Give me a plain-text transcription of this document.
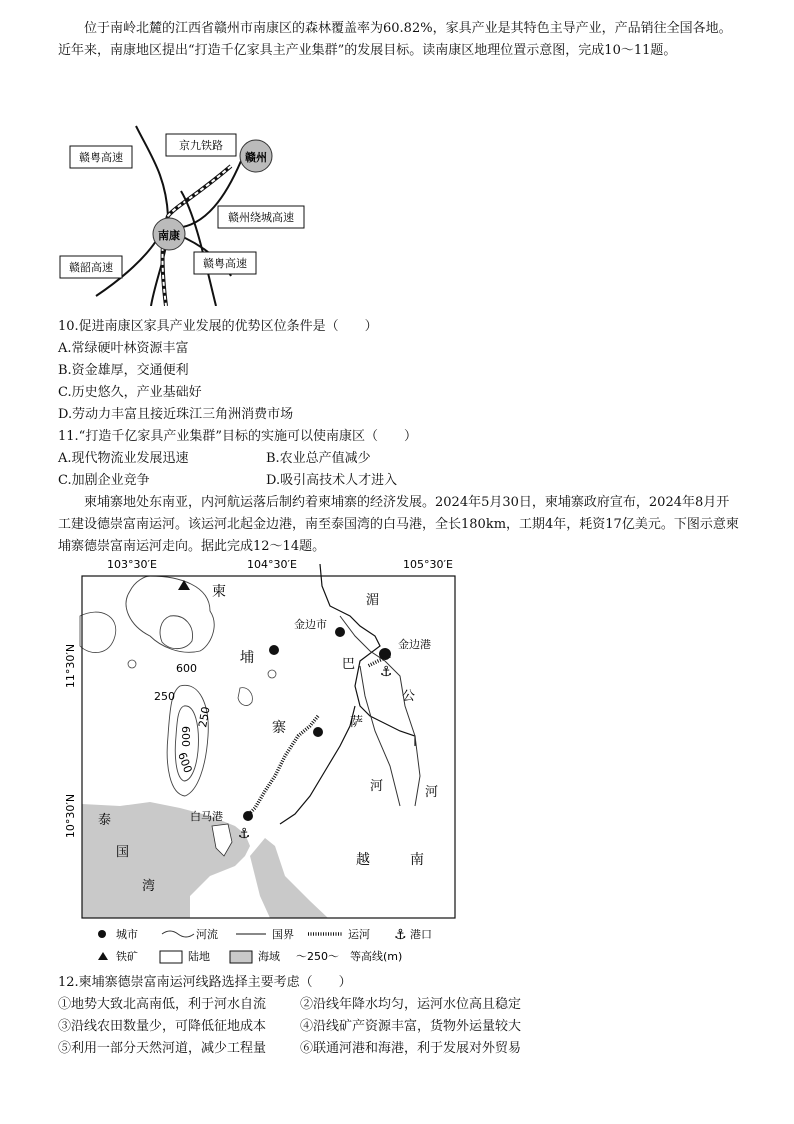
位于南岭北麓的江西省赣州市南康区的森林覆盖率为60.82%，家具产业是其特色主导产业，产品销往全国各地。近年来，南康地区提出“打造千亿家具主产业集群”的发展目标。读南康区地理位置示意图，完成10～11题。
赣州
南康
赣粤高速
京九铁路
赣州绕城高速
赣韶高速	赣粤高速
10.促进南康区家具产业发展的优势区位条件是（　　）
A.常绿硬叶林资源丰富
B.资金雄厚，交通便利
C.历史悠久，产业基础好
D.劳动力丰富且接近珠江三角洲消费市场
11.“打造千亿家具产业集群”目标的实施可以使南康区（　　）
A.现代物流业发展迅速	B.农业总产值减少
C.加剧企业竞争	D.吸引高技术人才进入
柬埔寨地处东南亚，内河航运落后制约着柬埔寨的经济发展。2024年5月30日，柬埔寨政府宣布，2024年8月开工建设德崇富南运河。该运河北起金边港，南至泰国湾的白马港，全长180km，工期4年，耗资17亿美元。下图示意柬埔寨德崇富南运河走向。据此完成12～14题。
103°30′E	104°30′E	105°30′E
11°30′N
10°30′N
⚓
⚓
柬
埔
寨
湄
巴
公
萨
河	河
金边市
金边港
白马港
泰
国
湾
越	南
600
250
600
600
250
城市	河流	国界	运河 ⚓ 港口
铁矿	陆地	海域 ～250～　等高线(m)
12.柬埔寨德崇富南运河线路选择主要考虑（　　）
①地势大致北高南低，利于河水自流	②沿线年降水均匀，运河水位高且稳定
③沿线农田数量少，可降低征地成本	④沿线矿产资源丰富，货物外运量较大
⑤利用一部分天然河道，减少工程量	⑥联通河港和海港，利于发展对外贸易
